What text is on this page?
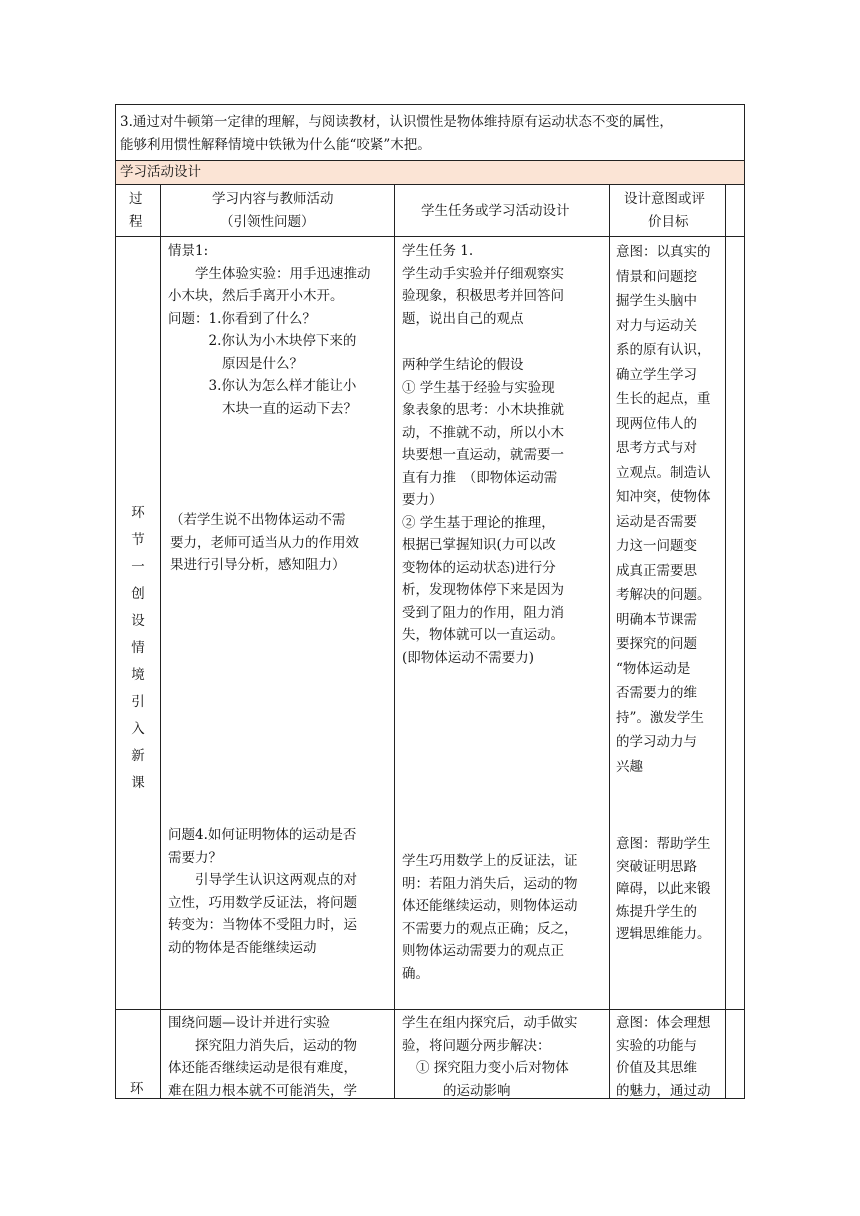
3.通过对牛顿第一定律的理解，与阅读教材，认识惯性是物体维持原有运动状态不变的属性，
能够利用惯性解释情境中铁锹为什么能“咬紧”木把。
学习活动设计
过
程
学习内容与教师活动
（引领性问题）
学生任务或学习活动设计
设计意图或评
价目标
环
节
一
创
设
情
境
引
入
新
课
情景1:
　　学生体验实验：用手迅速推动
小木块，然后手离开小木开。
问题：1.你看到了什么？
　　　2.你认为小木块停下来的
　　　　原因是什么？
　　　3.你认为怎么样才能让小
　　　　木块一直的运动下去？
（若学生说不出物体运动不需
要力，老师可适当从力的作用效
果进行引导分析，感知阻力）
问题4.如何证明物体的运动是否
需要力？
　　引导学生认识这两观点的对
立性，巧用数学反证法，将问题
转变为：当物体不受阻力时，运
动的物体是否能继续运动
学生任务 1.
学生动手实验并仔细观察实
验现象，积极思考并回答问
题，说出自己的观点
两种学生结论的假设
① 学生基于经验与实验现
象表象的思考：小木块推就
动，不推就不动，所以小木
块要想一直运动，就需要一
直有力推　（即物体运动需
要力）
② 学生基于理论的推理，
根据已掌握知识(力可以改
变物体的运动状态)进行分
析，发现物体停下来是因为
受到了阻力的作用，阻力消
失，物体就可以一直运动。
(即物体运动不需要力)
学生巧用数学上的反证法，证
明：若阻力消失后，运动的物
体还能继续运动，则物体运动
不需要力的观点正确；反之，
则物体运动需要力的观点正
确。
意图：以真实的
情景和问题挖
掘学生头脑中
对力与运动关
系的原有认识，
确立学生学习
生长的起点，重
现两位伟人的
思考方式与对
立观点。制造认
知冲突，使物体
运动是否需要
力这一问题变
成真正需要思
考解决的问题。
明确本节课需
要探究的问题
“物体运动是
否需要力的维
持”。激发学生
的学习动力与
兴趣
意图：帮助学生
突破证明思路
障碍，以此来锻
炼提升学生的
逻辑思维能力。
环
围绕问题—设计并进行实验
　　探究阻力消失后，运动的物
体还能否继续运动是很有难度，
难在阻力根本就不可能消失，学
学生在组内探究后，动手做实
验，将问题分两步解决：
① 探究阻力变小后对物体
　　的运动影响
意图：体会理想
实验的功能与
价值及其思维
的魅力，通过动
